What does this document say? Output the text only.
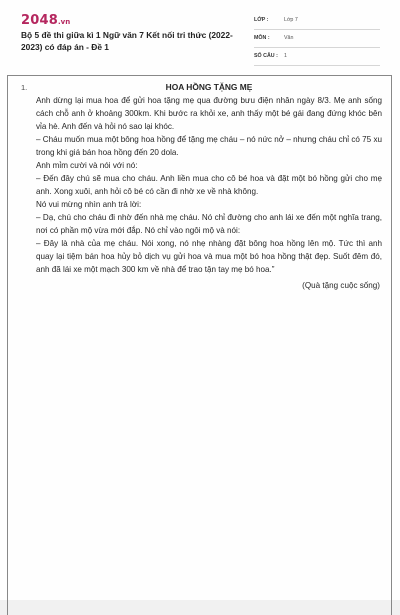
2048.vn
Bộ 5 đề thi giữa kì 1 Ngữ văn 7 Kết nối tri thức (2022-2023) có đáp án - Đề 1
LỚP :	Lớp 7
MÔN :	Văn
SỐ CÂU : 1
1.	HOA HỒNG TẶNG MẸ

Anh dừng lại mua hoa để gửi hoa tặng mẹ qua đường bưu điện nhân ngày 8/3. Mẹ anh sống cách chỗ anh ở khoảng 300km. Khi bước ra khỏi xe, anh thấy một bé gái đang đứng khóc bên vỉa hè. Anh đến và hỏi nó sao lại khóc.

– Cháu muốn mua một bông hoa hồng để tặng mẹ cháu – nó nức nở – nhưng cháu chỉ có 75 xu trong khi giá bán hoa hồng đến 20 dola.

Anh mỉm cười và nói với nó:

– Đến đây chú sẽ mua cho cháu. Anh liền mua cho cô bé hoa và đặt một bó hồng gửi cho mẹ anh. Xong xuôi, anh hỏi cô bé có cần đi nhờ xe về nhà không.

Nó vui mừng nhìn anh trả lời:

– Dạ, chú cho cháu đi nhờ đến nhà mẹ cháu. Nó chỉ đường cho anh lái xe đến một nghĩa trang, nơi có phần mộ vừa mới đắp. Nó chỉ vào ngôi mộ và nói:

– Đây là nhà của mẹ cháu. Nói xong, nó nhẹ nhàng đặt bông hoa hồng lên mộ. Tức thì anh quay lại tiệm bán hoa hủy bỏ dịch vụ gửi hoa và mua một bó hoa hồng thật đẹp. Suốt đêm đó, anh đã lái xe một mạch 300 km về nhà để trao tận tay mẹ bó hoa.”

(Quà tặng cuộc sống)
